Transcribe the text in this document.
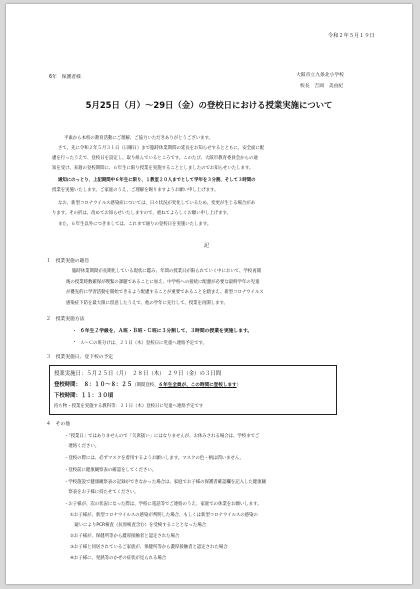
令和２年５月１９日
6年　保護者様	大阪市立九条北小学校
校長　吉岡　美由紀
5月25日（月）～29日（金）の登校日における授業実施について
平素から本校の教育活動にご理解、ご協力いただきありがとうございます。
さて、先に令和２年５月３１日（日曜日）まで臨時休業期間の延長をお知らせするとともに、安全面に配
慮を行ったうえで、登校日を設定し、取り組んでいるところです。このたび、大阪市教育委員会からの通
知を受け、来週の登校期間に、６年生に限り授業を実施することとしましたのでお知らせいたします。
通知にのっとり、上記期間中６年生に限り、１教室２０人までとして学年を３分割、そして３時間の
授業を実施いたします。ご家庭のうえ、ご理解を賜りますようお願い申し上げます。
なお、新型コロナウイルス感染症については、日々状況が変化しているため、変更が生じる場合があ
ります。その折は、改めてお知らせいたしますので、重ねてよろしくお願い申し上げます。
また、６年生以外につきましては、これまで通りの登校日を実施いたします。
記
１　授業実施の趣旨
臨時休業期間が長期化している現状に鑑み、年間の授業日が限られていく中において、学校再開
後の授業時数確保が喫緊の課題であることに加え、中学校への接続に配慮が必要な最終学年の児童
が優先的に学習活動を開始できるよう配慮することが重要であることを踏まえ、新型コロナウイルス
感染症下防を最大限に留意したうえで、他の学年に先行して、授業を再開します。
２　授業実施方法
・ ６年生２学級を、Ａ班・Ｂ班・Ｃ班に３分割して、３時間の授業を実施します。
・ Ａ～Ｃの班分けは、２１日（木）登校日に児童へ連絡予定です。
３　授業実施日、登下校の予定
授業実施日：５月２５日（月）　２８日（木）　２９日（金）の３日間
登校時間：　８：１０～８：２５（期間登校、６年生全員が、この時間に登校します）
下校時間：１１：３０頃
持ち物・授業を実施する教科等：２１日（木）登校日に児童へ連絡予定です
４　その他
・「授業日」ではありませんので「欠席扱い」にはなりませんが、お休みされる場合は、学校までご
　連絡ください。
・登校の際には、必ずマスクを着用するようお願いします。マスクの色・柄は問いません。
・登校前に健康観察表の確認をしてください。
・学校施設で健康観察表の記録ができなかった場合は、家庭でお子様の保護者確認欄を記入した健康観
　察表をお子様に持たせてください。
・お子様が、次の状況になった際は、学校に電話等でご連絡のうえ、家庭での休業をお願いします。
①お子様が、新型コロナウイルスの感染が判明した場合、もしくは新型コロナウイルスの感染の
　疑いによりPCR検査（抗原検査含む）を受検することとなった場合
②お子様が、保健所等から濃厚接触者と認定された場合
③お子様と同居されているご家族が、保健所等から濃厚接触者と認定された場合
④お子様に、発熱等のかぜの症状が見られる場合
